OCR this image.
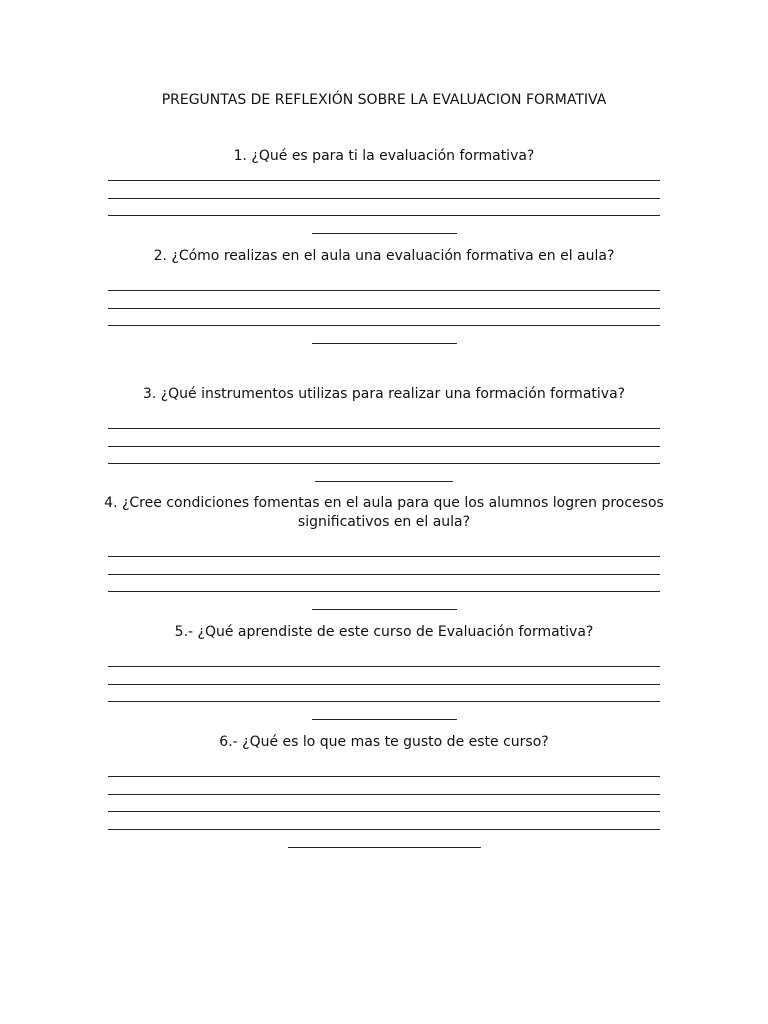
PREGUNTAS DE REFLEXIÓN SOBRE LA EVALUACION FORMATIVA
1. ¿Qué es para ti la evaluación formativa?
2. ¿Cómo realizas en el aula una evaluación formativa en el aula?
3. ¿Qué instrumentos utilizas para realizar una formación formativa?
4. ¿Cree condiciones fomentas en el aula para que los alumnos logren procesos
significativos en el aula?
5.- ¿Qué aprendiste de este curso de Evaluación formativa?
6.- ¿Qué es lo que mas te gusto de este curso?
